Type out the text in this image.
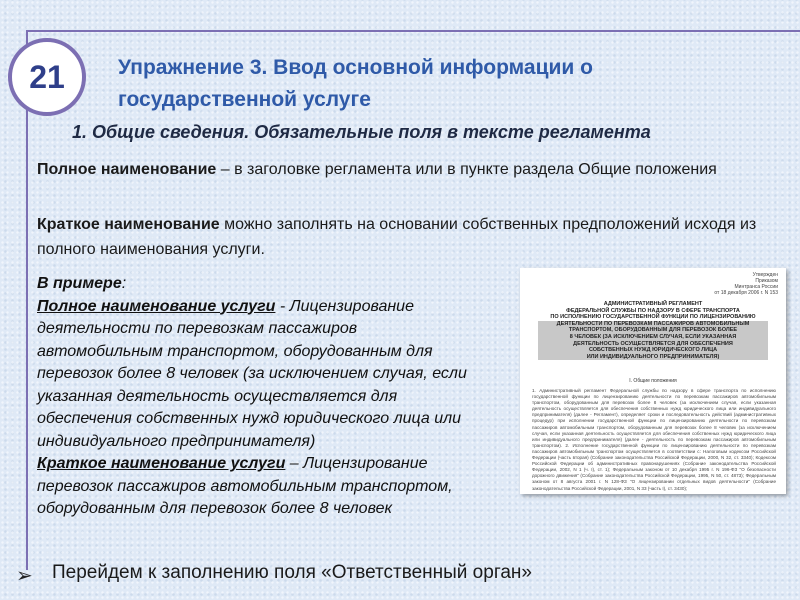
21	Упражнение 3. Ввод основной информации о государственной услуге
1. Общие сведения. Обязательные поля в тексте регламента
Полное наименование – в заголовке регламента или в пункте раздела Общие положения
Краткое наименование можно заполнять на основании собственных предположений исходя из полного наименования услуги.
В примере:
Полное наименование услуги - Лицензирование деятельности по перевозкам пассажиров автомобильным транспортом, оборудованным для перевозок более 8 человек (за исключением случая, если указанная деятельность осуществляется для обеспечения собственных нужд юридического лица или индивидуального предпринимателя)
Краткое наименование услуги – Лицензирование перевозок пассажиров автомобильным транспортом, оборудованным для перевозок более 8 человек
Утвержден
Приказом
Минтранса России
от 18 декабря 2006 г. N 153
АДМИНИСТРАТИВНЫЙ РЕГЛАМЕНТ
ФЕДЕРАЛЬНОЙ СЛУЖБЫ ПО НАДЗОРУ В СФЕРЕ ТРАНСПОРТА
ПО ИСПОЛНЕНИЮ ГОСУДАРСТВЕННОЙ ФУНКЦИИ ПО ЛИЦЕНЗИРОВАНИЮ
ДЕЯТЕЛЬНОСТИ ПО ПЕРЕВОЗКАМ ПАССАЖИРОВ АВТОМОБИЛЬНЫМ
ТРАНСПОРТОМ, ОБОРУДОВАННЫМ ДЛЯ ПЕРЕВОЗОК БОЛЕЕ
8 ЧЕЛОВЕК (ЗА ИСКЛЮЧЕНИЕМ СЛУЧАЯ, ЕСЛИ УКАЗАННАЯ
ДЕЯТЕЛЬНОСТЬ ОСУЩЕСТВЛЯЕТСЯ ДЛЯ ОБЕСПЕЧЕНИЯ
СОБСТВЕННЫХ НУЖД ЮРИДИЧЕСКОГО ЛИЦА
ИЛИ ИНДИВИДУАЛЬНОГО ПРЕДПРИНИМАТЕЛЯ)
I. Общие положения
1. Административный регламент Федеральной службы по надзору в сфере транспорта по исполнению государственной функции по лицензированию деятельности по перевозкам пассажиров автомобильным транспортом, оборудованным для перевозок более 8 человек (за исключением случая, если указанная деятельность осуществляется для обеспечения собственных нужд юридического лица или индивидуального предпринимателя) (далее - Регламент), определяет сроки и последовательность действий (административных процедур) при исполнении государственной функции по лицензированию деятельности по перевозкам пассажиров автомобильным транспортом, оборудованным для перевозок более 8 человек (за исключением случая, если указанная деятельность осуществляется для обеспечения собственных нужд юридического лица или индивидуального предпринимателя) (далее - деятельность по перевозкам пассажиров автомобильным транспортом). 2. Исполнение государственной функции по лицензированию деятельности по перевозкам пассажиров автомобильным транспортом осуществляется в соответствии с: Налоговым кодексом Российской Федерации (часть вторая) (Собрание законодательства Российской Федерации, 2000, N 32, ст. 3340); Кодексом Российской Федерации об административных правонарушениях (Собрание законодательства Российской Федерации, 2002, N 1 (ч. I), ст. 1); Федеральным законом от 10 декабря 1995 г. N 196-ФЗ "О безопасности дорожного движения" (Собрание законодательства Российской Федерации, 1995, N 50, ст. 4873); Федеральным законом от 8 августа 2001 г. N 128-ФЗ "О лицензировании отдельных видов деятельности" (Собрание законодательства Российской Федерации, 2001, N 33 (часть I), ст. 3430);
➢ Перейдем к заполнению поля «Ответственный орган»
